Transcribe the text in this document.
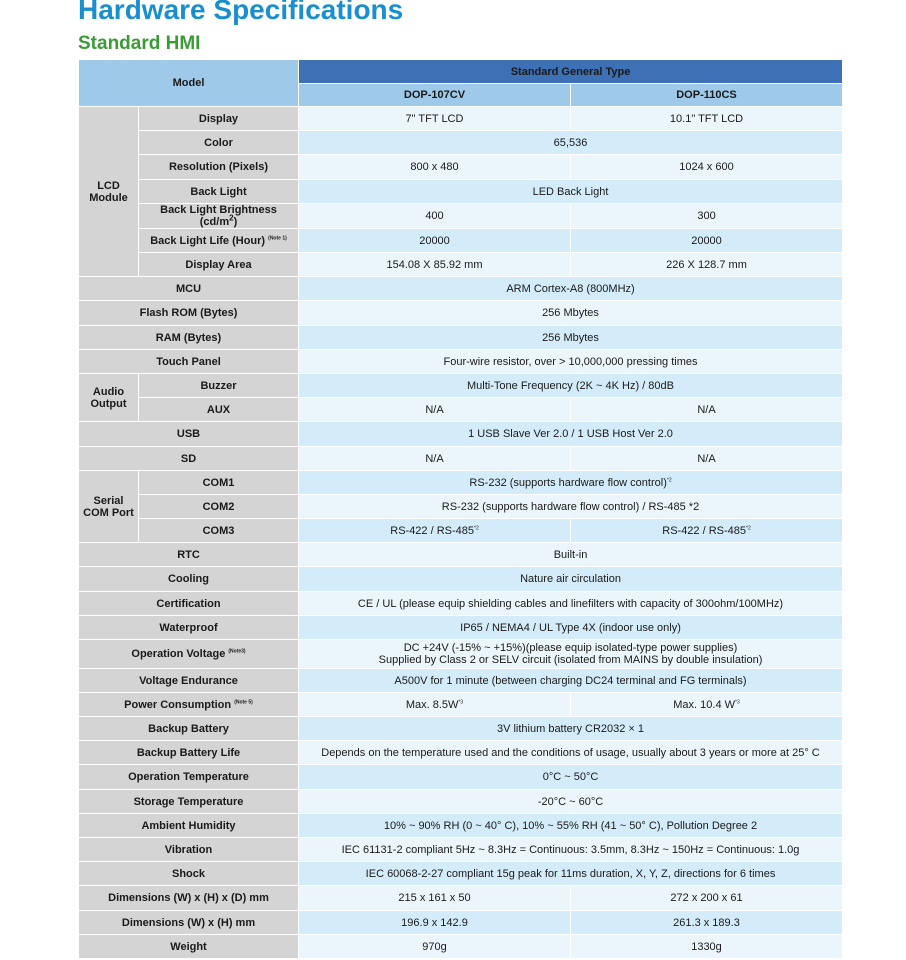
Hardware Specifications
Standard HMI
Model		Standard General Type	
		DOP-107CV	DOP-110CS
LCD Module	Display	7" TFT LCD	10.1" TFT LCD
	Color	65,536	
	Resolution (Pixels)	800 x 480	1024 x 600
	Back Light	LED Back Light	
	Back Light Brightness $(cd/m^2)$	400	300
	Back Light Life (Hour) $^{(Note 1)}$	20000	20000
	Display Area	154.08 X 85.92 mm	226 X 128.7 mm
MCU		ARM Cortex-A8 (800MHz)	
Flash ROM (Bytes)		256 Mbytes	
RAM (Bytes)		256 Mbytes	
Touch Panel		Four-wire resistor, over > 10,000,000 pressing times	
Audio Output	Buzzer	Multi-Tone Frequency (2K ~ 4K Hz) / 80dB	
	AUX	N/A	N/A
USB		1 USB Slave Ver 2.0 / 1 USB Host Ver 2.0	
SD		N/A	N/A
Serial COM Port	COM1	RS-232 (supports hardware flow control)$^{*2}$
	COM2	RS-232 (supports hardware flow control) / RS-485 *2	
	COM3	RS-422 / RS-485$^{*2}$	RS-422 / RS-485$^{*2}$
RTC		Built-in	
Cooling		Nature air circulation	
Certification		CE / UL (please equip shielding cables and linefilters with capacity of 300ohm/100MHz)	
Waterproof		IP65 / NEMA4 / UL Type 4X (indoor use only)	
Operation Voltage $^{(Note3)}$		DC +24V (-15% ~ +15%)(please equip isolated-type power supplies)
Supplied by Class 2 or SELV circuit (isolated from MAINS by double insulation)	
Voltage Endurance		A500V for 1 minute (between charging DC24 terminal and FG terminals)	
Power Consumption $^{(Note 5)}$		Max. $8.5W^{*3}$	Max. 10.4 $W^{*3}$
Backup Battery		3V lithium battery CR2032 × 1	
Backup Battery Life		Depends on the temperature used and the conditions of usage, usually about 3 years or more at 25° C	
Operation Temperature		0°C ~ 50°C	
Storage Temperature		-20°C ~ 60°C	
Ambient Humidity		10% ~ 90% RH (0 ~ 40° C), 10% ~ 55% RH (41 ~ 50° C), Pollution Degree 2	
Vibration		IEC 61131-2 compliant 5Hz ~ 8.3Hz = Continuous: 3.5mm, 8.3Hz ~ 150Hz = Continuous: 1.0g	
Shock		IEC 60068-2-27 compliant 15g peak for 11ms duration, X, Y, Z, directions for 6 times	
Dimensions (W) x (H) x (D) mm		215 x 161 x 50	272 x 200 x 61
Dimensions (W) x (H) mm		196.9 x 142.9	261.3 x 189.3
Weight		970g	1330g
